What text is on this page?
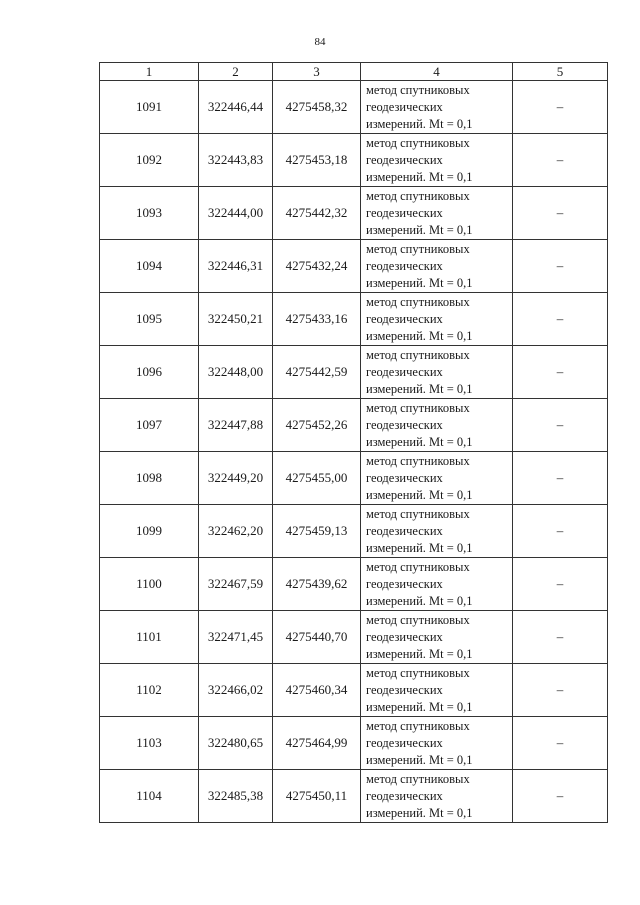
84
1	2	3	4	5
1091	322446,44	4275458,32	метод спутниковых
геодезических
измерений. Mt = 0,1	–
1092	322443,83	4275453,18	метод спутниковых
геодезических
измерений. Mt = 0,1	–
1093	322444,00	4275442,32	метод спутниковых
геодезических
измерений. Mt = 0,1	–
1094	322446,31	4275432,24	метод спутниковых
геодезических
измерений. Mt = 0,1	–
1095	322450,21	4275433,16	метод спутниковых
геодезических
измерений. Mt = 0,1	–
1096	322448,00	4275442,59	метод спутниковых
геодезических
измерений. Mt = 0,1	–
1097	322447,88	4275452,26	метод спутниковых
геодезических
измерений. Mt = 0,1	–
1098	322449,20	4275455,00	метод спутниковых
геодезических
измерений. Mt = 0,1	–
1099	322462,20	4275459,13	метод спутниковых
геодезических
измерений. Mt = 0,1	–
1100	322467,59	4275439,62	метод спутниковых
геодезических
измерений. Mt = 0,1	–
1101	322471,45	4275440,70	метод спутниковых
геодезических
измерений. Mt = 0,1	–
1102	322466,02	4275460,34	метод спутниковых
геодезических
измерений. Mt = 0,1	–
1103	322480,65	4275464,99	метод спутниковых
геодезических
измерений. Mt = 0,1	–
1104	322485,38	4275450,11	метод спутниковых
геодезических
измерений. Mt = 0,1	–
